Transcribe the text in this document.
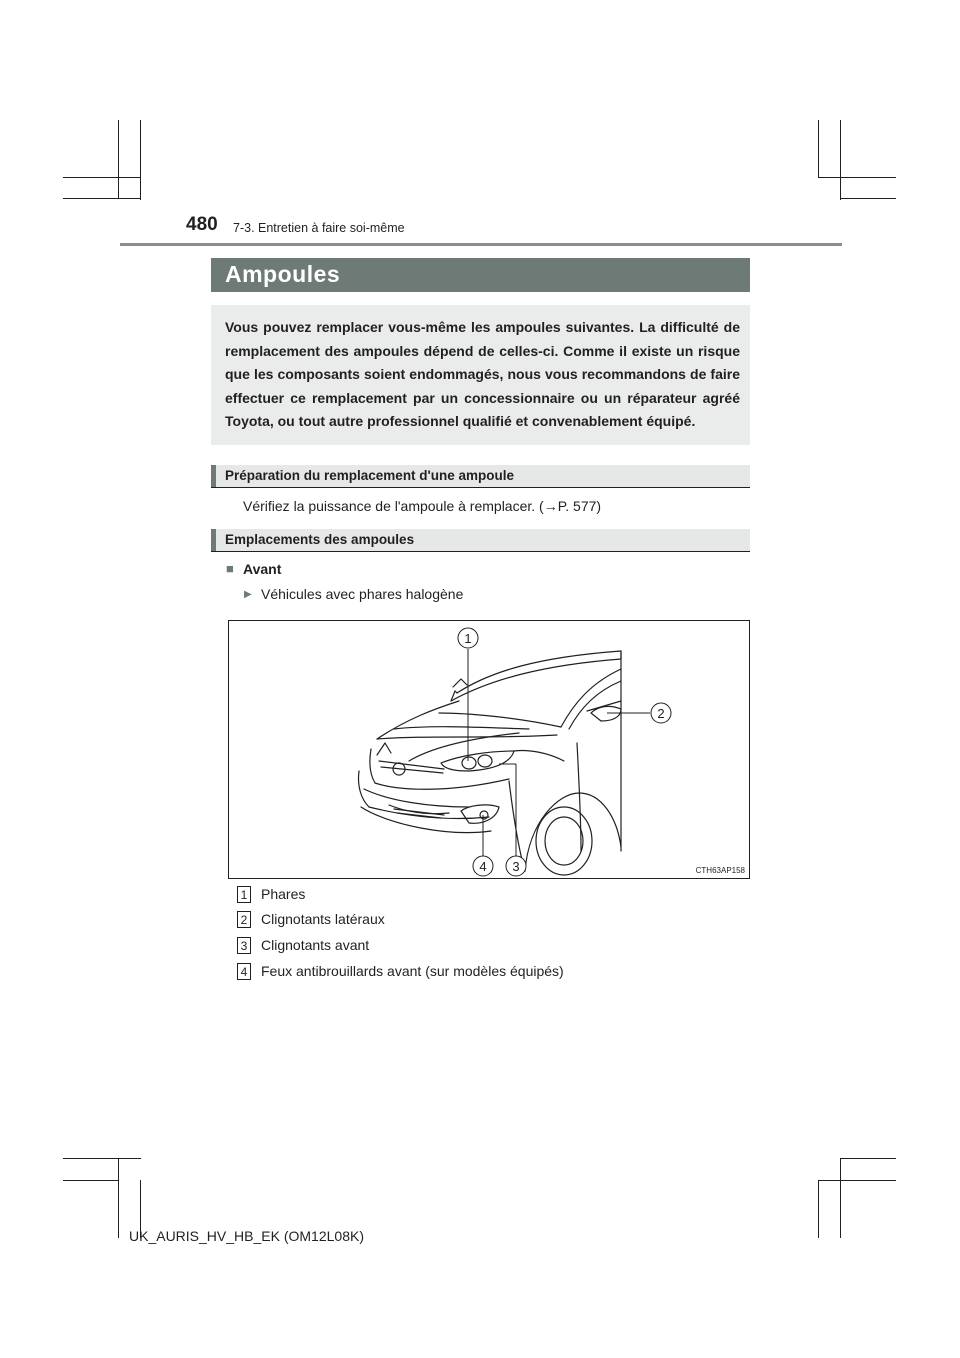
480 7-3. Entretien à faire soi-même
Ampoules
Vous pouvez remplacer vous-même les ampoules suivantes. La difficulté de remplacement des ampoules dépend de celles-ci. Comme il existe un risque que les composants soient endommagés, nous vous recommandons de faire effectuer ce remplacement par un concessionnaire ou un réparateur agréé Toyota, ou tout autre professionnel qualifié et convenablement équipé.
Préparation du remplacement d'une ampoule
Vérifiez la puissance de l'ampoule à remplacer. (→P. 577)
Emplacements des ampoules
■ Avant
▶ Véhicules avec phares halogène
1
2
3
4	CTH63AP158
1 Phares
2 Clignotants latéraux
3 Clignotants avant
4 Feux antibrouillards avant (sur modèles équipés)
UK_AURIS_HV_HB_EK (OM12L08K)
